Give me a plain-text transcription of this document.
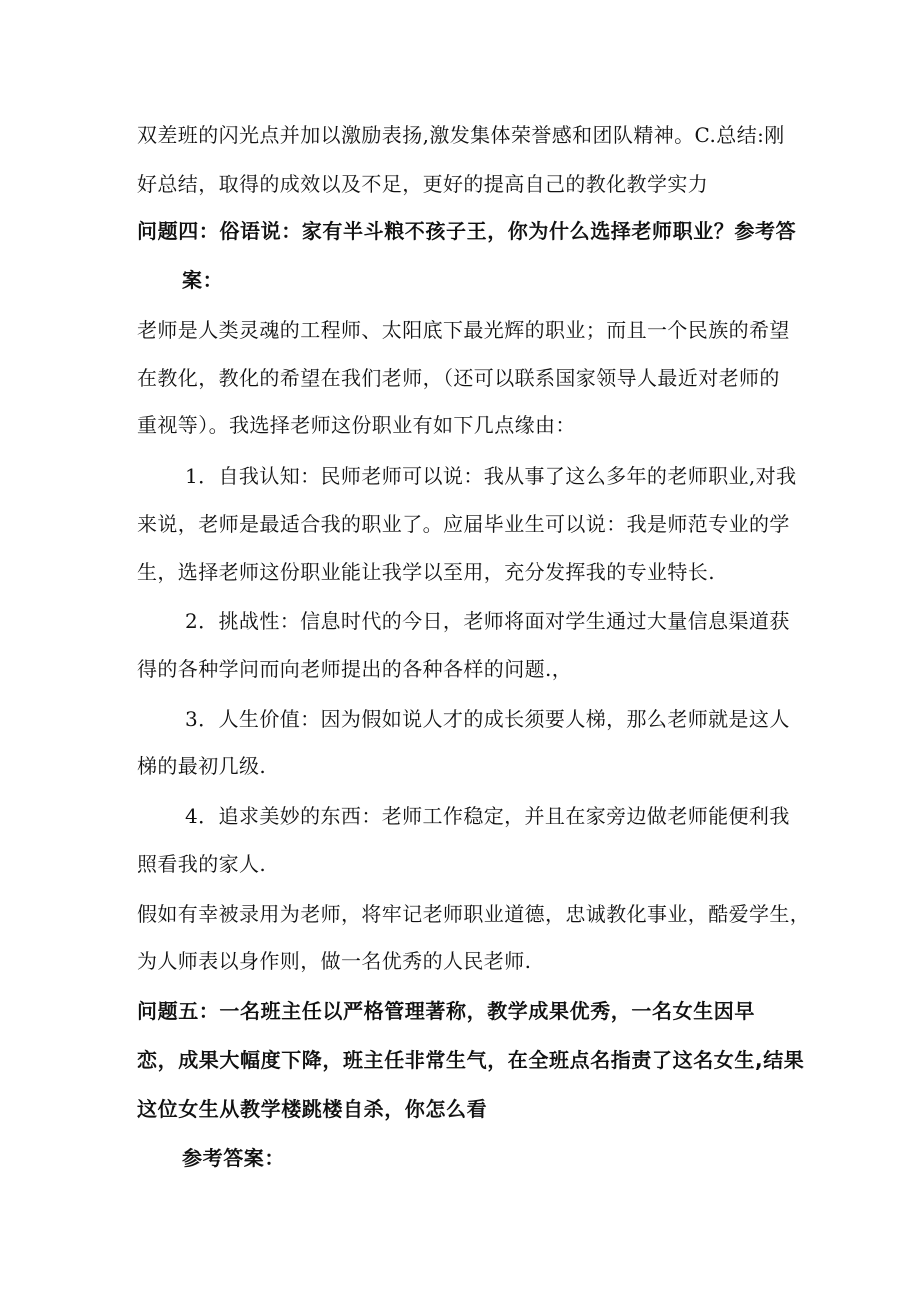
双差班的闪光点并加以激励表扬,激发集体荣誉感和团队精神。C.总结:刚
好总结，取得的成效以及不足，更好的提高自己的教化教学实力
问题四：俗语说：家有半斗粮不孩子王，你为什么选择老师职业？参考答
案：
老师是人类灵魂的工程师、太阳底下最光辉的职业；而且一个民族的希望
在教化，教化的希望在我们老师，（还可以联系国家领导人最近对老师的
重视等）。我选择老师这份职业有如下几点缘由：
1．自我认知：民师老师可以说：我从事了这么多年的老师职业,对我
来说，老师是最适合我的职业了。应届毕业生可以说：我是师范专业的学
生，选择老师这份职业能让我学以至用，充分发挥我的专业特长.
2．挑战性：信息时代的今日，老师将面对学生通过大量信息渠道获
得的各种学问而向老师提出的各种各样的问题.，
3．人生价值：因为假如说人才的成长须要人梯，那么老师就是这人
梯的最初几级.
4．追求美妙的东西：老师工作稳定，并且在家旁边做老师能便利我
照看我的家人.
假如有幸被录用为老师，将牢记老师职业道德，忠诚教化事业，酷爱学生，
为人师表以身作则，做一名优秀的人民老师.
问题五：一名班主任以严格管理著称，教学成果优秀，一名女生因早
恋，成果大幅度下降，班主任非常生气，在全班点名指责了这名女生,结果
这位女生从教学楼跳楼自杀，你怎么看
参考答案：
